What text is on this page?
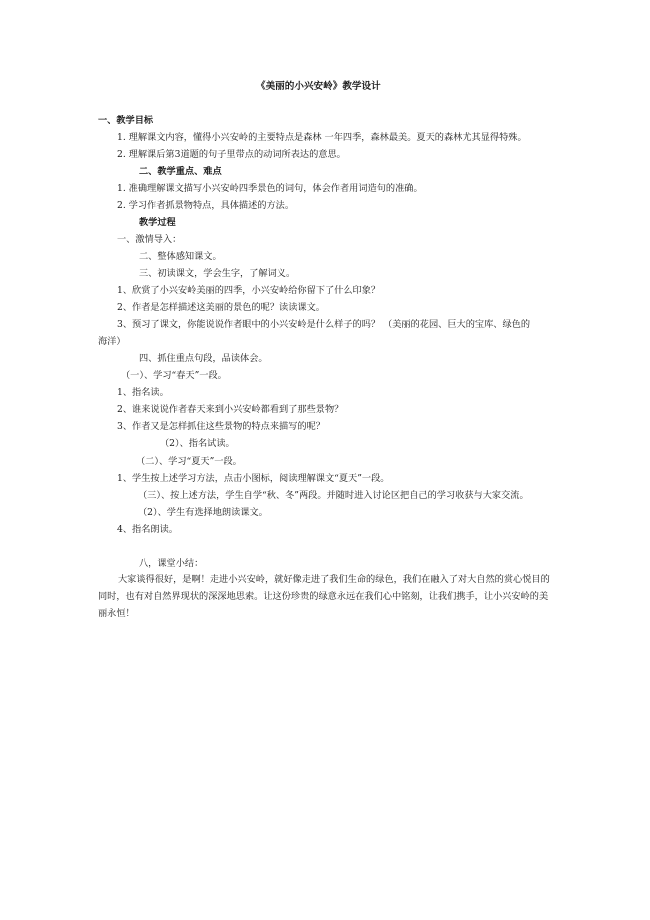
《美丽的小兴安岭》教学设计
一、教学目标
1. 理解课文内容，懂得小兴安岭的主要特点是森林 一年四季，森林最美。夏天的森林尤其显得特殊。
2. 理解课后第3道题的句子里带点的动词所表达的意思。
二、教学重点、难点
1. 准确理解课文描写小兴安岭四季景色的词句，体会作者用词造句的准确。
2. 学习作者抓景物特点，具体描述的方法。
教学过程
一、激情导入：
二、整体感知课文。
三、初读课文，学会生字，了解词义。
1、欣赏了小兴安岭美丽的四季，小兴安岭给你留下了什么印象？
2、作者是怎样描述这美丽的景色的呢？读读课文。
3、预习了课文，你能说说作者眼中的小兴安岭是什么样子的吗？ （美丽的花园、巨大的宝库、绿色的
海洋）
四、抓住重点句段，品读体会。
（一）、学习“春天”一段。
1、指名读。
2、谁来说说作者春天来到小兴安岭都看到了那些景物？
3、作者又是怎样抓住这些景物的特点来描写的呢？
（2）、指名试读。
（二）、学习“夏天”一段。
1、学生按上述学习方法，点击小图标，阅读理解课文“夏天”一段。
（三）、按上述方法，学生自学“秋、冬”两段。并随时进入讨论区把自己的学习收获与大家交流。
（2）、学生有选择地朗读课文。
4、指名朗读。
八，课堂小结：
大家谈得很好，是啊！走进小兴安岭，就好像走进了我们生命的绿色，我们在融入了对大自然的赏心悦目的同时，也有对自然界现状的深深地思索。让这份珍贵的绿意永远在我们心中铭刻，让我们携手，让小兴安岭的美丽永恒！
